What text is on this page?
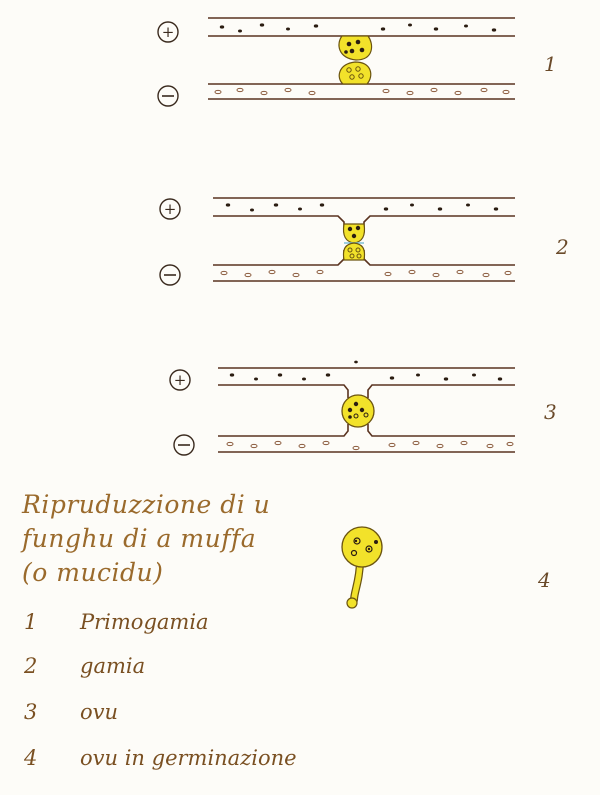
+
+
+
1
2
3
4
Ripruduzzione di u
funghu di a muffa
(o mucidu)
1 Primogamia
2 gamia
3 ovu
4 ovu in germinazione
